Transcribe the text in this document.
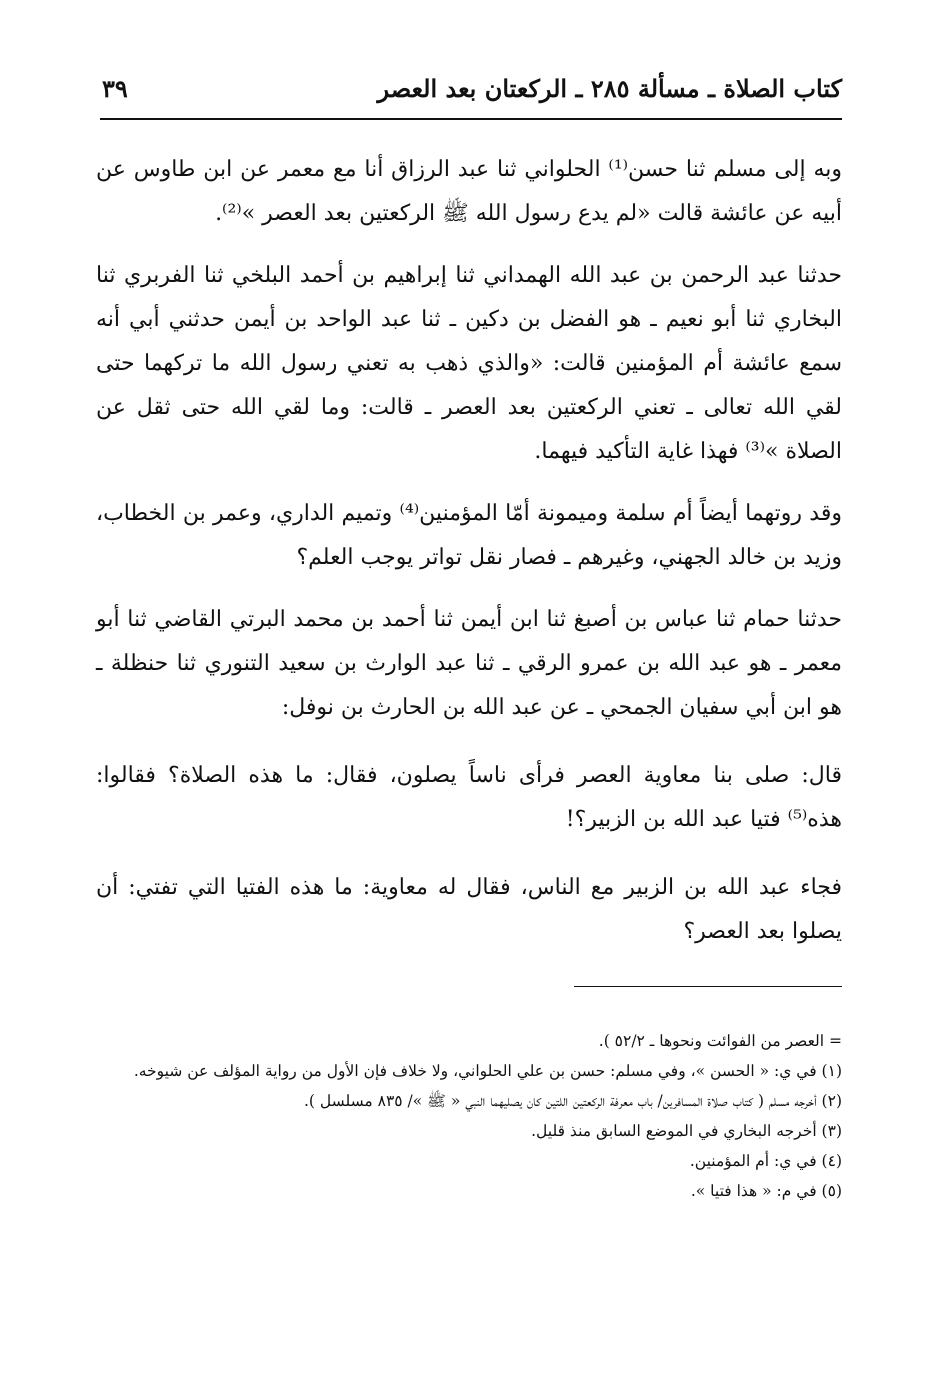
كتاب الصلاة ـ مسألة ٢٨٥ ـ الركعتان بعد العصر
٣٩

وبه إلى مسلم ثنا حسن⁽¹⁾ الحلواني ثنا عبد الرزاق أنا مع معمر عن ابن طاوس عن أبيه عن عائشة قالت «لم يدع رسول الله ﷺ الركعتين بعد العصر »⁽²⁾.

حدثنا عبد الرحمن بن عبد الله الهمداني ثنا إبراهيم بن أحمد البلخي ثنا الفربري ثنا البخاري ثنا أبو نعيم ـ هو الفضل بن دكين ـ ثنا عبد الواحد بن أيمن حدثني أبي أنه سمع عائشة أم المؤمنين قالت: «والذي ذهب به تعني رسول الله ما تركهما حتى لقي الله تعالى ـ تعني الركعتين بعد العصر ـ قالت: وما لقي الله حتى ثقل عن الصلاة »⁽³⁾ فهذا غاية التأكيد فيهما.

وقد روتهما أيضاً أم سلمة وميمونة أمّا المؤمنين⁽⁴⁾ وتميم الداري، وعمر بن الخطاب، وزيد بن خالد الجهني، وغيرهم ـ فصار نقل تواتر يوجب العلم؟

حدثنا حمام ثنا عباس بن أصبغ ثنا ابن أيمن ثنا أحمد بن محمد البرتي القاضي ثنا أبو معمر ـ هو عبد الله بن عمرو الرقي ـ ثنا عبد الوارث بن سعيد التنوري ثنا حنظلة ـ هو ابن أبي سفيان الجمحي ـ عن عبد الله بن الحارث بن نوفل:

قال: صلى بنا معاوية العصر فرأى ناساً يصلون، فقال: ما هذه الصلاة؟ فقالوا: هذه⁽⁵⁾ فتيا عبد الله بن الزبير؟!

فجاء عبد الله بن الزبير مع الناس، فقال له معاوية: ما هذه الفتيا التي تفتي: أن يصلوا بعد العصر؟

= العصر من الفوائت ونحوها ـ ٥٢/٢ ).

(١) في ي: « الحسن »، وفي مسلم: حسن بن علي الحلواني، ولا خلاف فإن الأول من رواية المؤلف عن شيوخه.

(٢) أخرجه مسلم ( كتاب صلاة المسافرين/ باب معرفة الركعتين اللتين كان يصليهما النبي « ﷺ »/ ٨٣٥ مسلسل ).

(٣) أخرجه البخاري في الموضع السابق منذ قليل.

(٤) في ي: أم المؤمنين.

(٥) في م: « هذا فتيا ».
